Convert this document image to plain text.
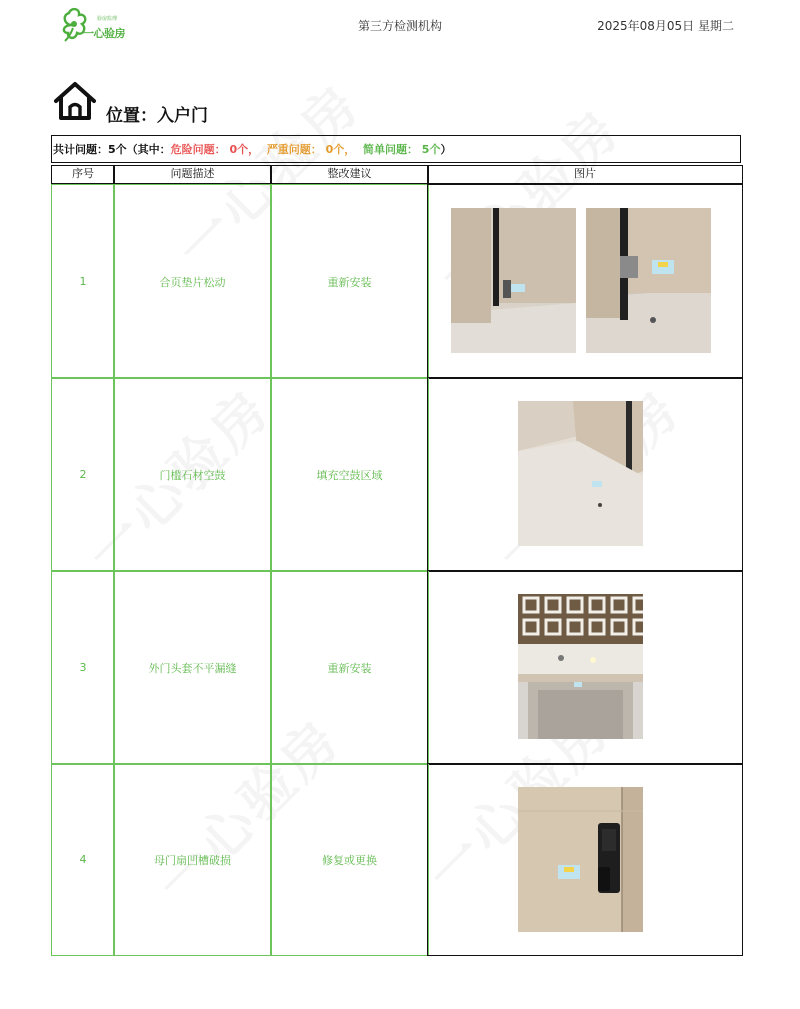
验房监理
一心验房
第三方检测机构	2025年08月05日 星期二
位置：入户门
共计问题：5个（其中：危险问题： 0个， 严重问题： 0个， 简单问题： 5个）
序号	问题描述	整改建议	图片
1	合页垫片松动	重新安装
2	门槛石材空鼓	填充空鼓区域
3	外门头套不平漏缝	重新安装
4	母门扇凹槽破损	修复或更换
